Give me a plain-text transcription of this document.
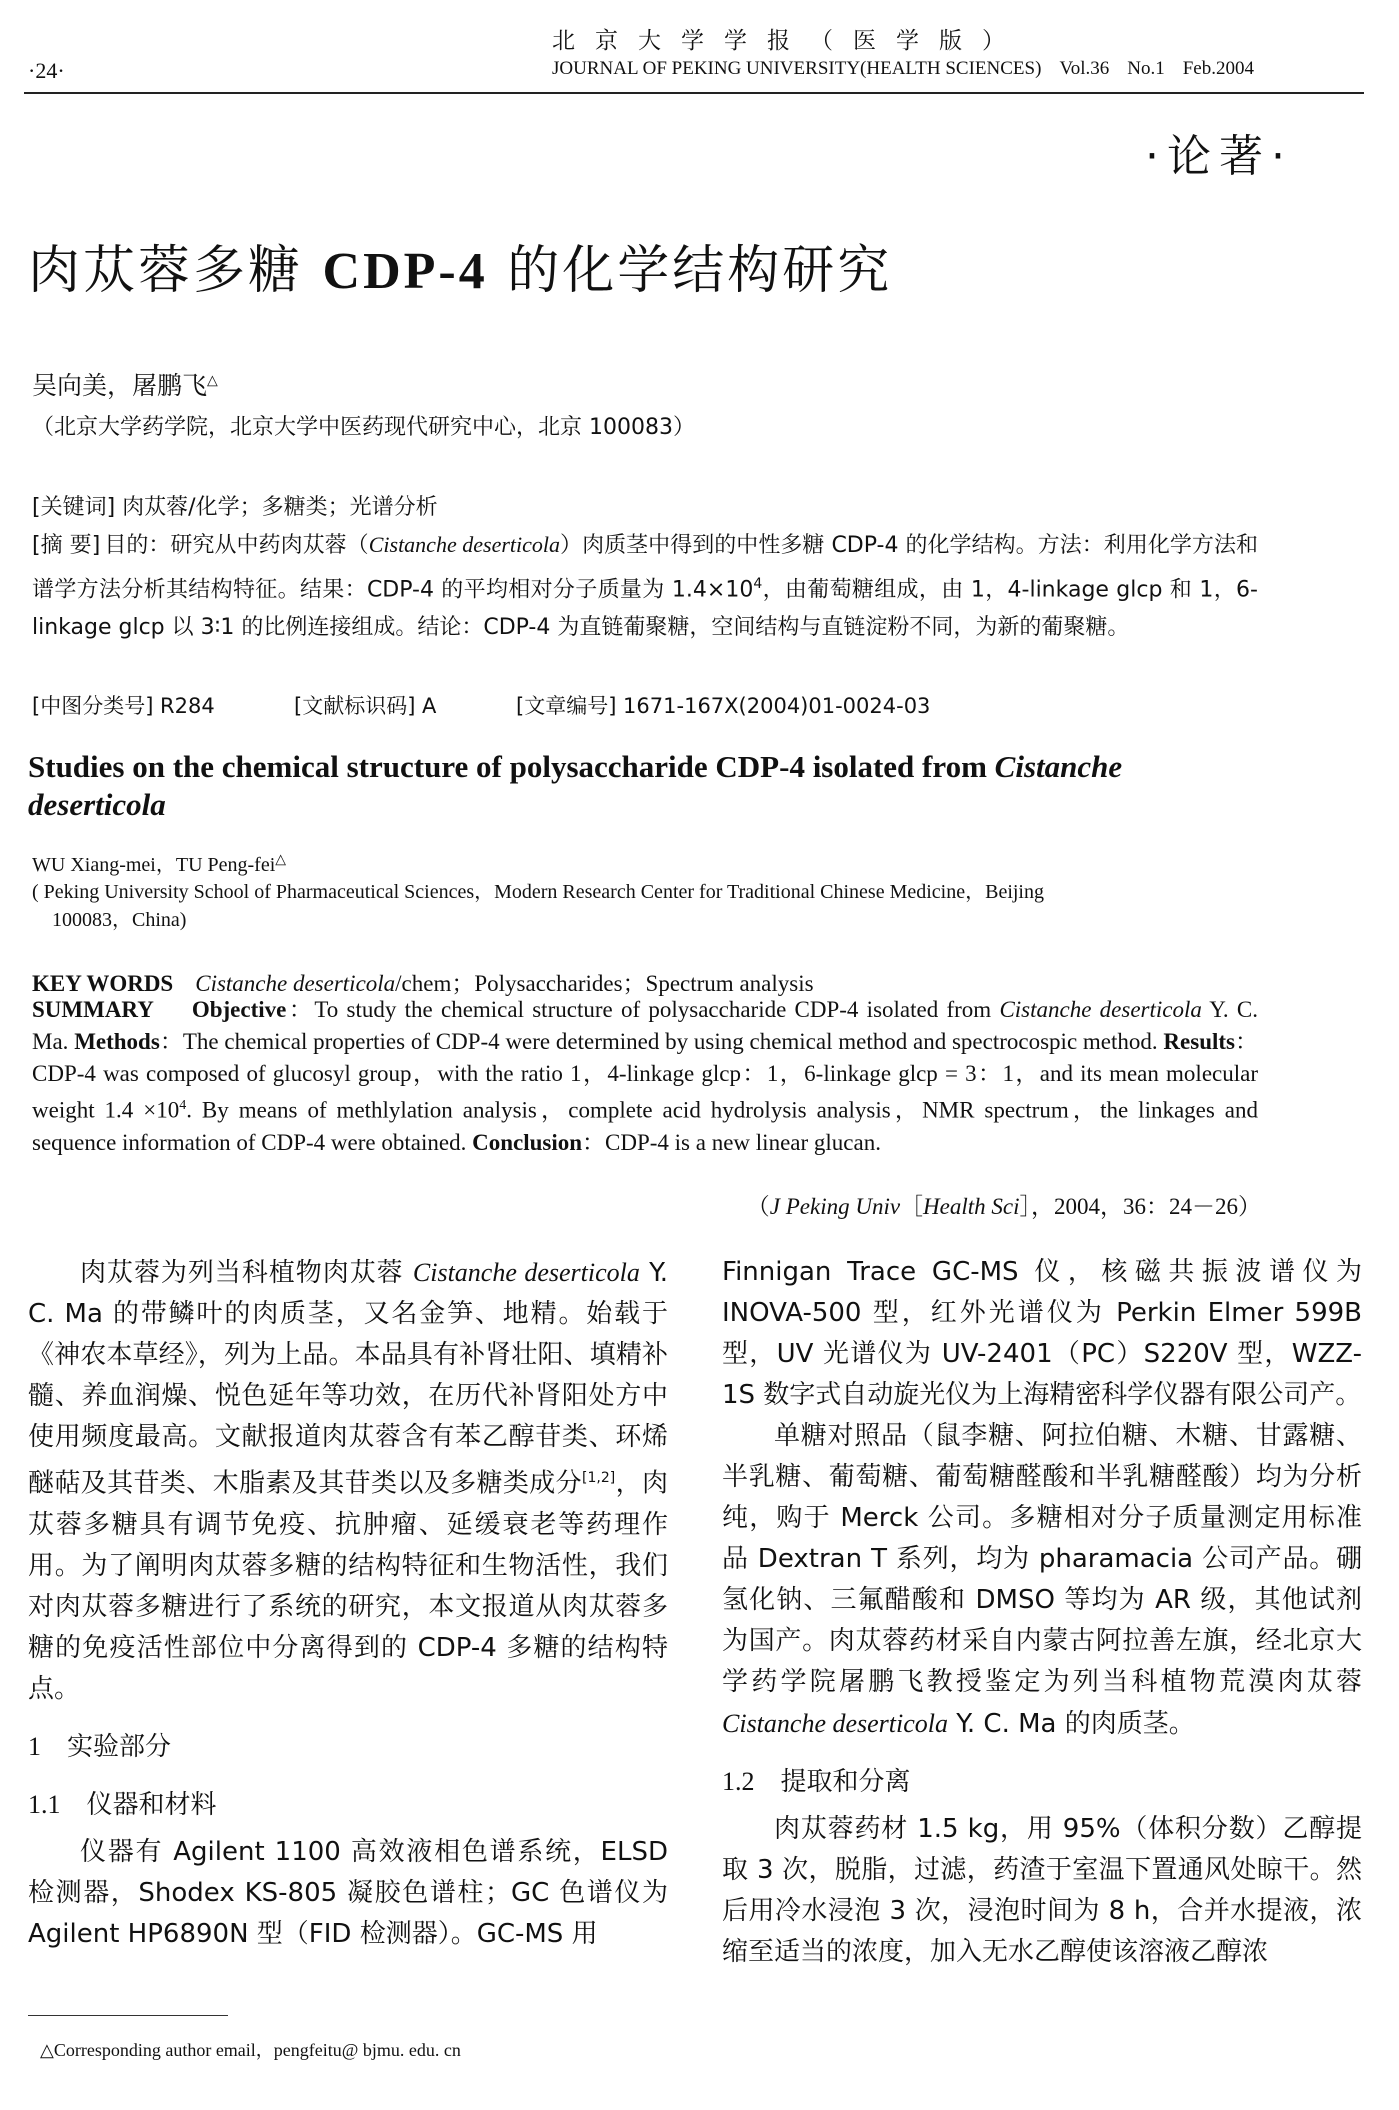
·24·
北京大学学报（医学版）
JOURNAL OF PEKING UNIVERSITY(HEALTH SCIENCES) Vol.36 No.1 Feb.2004
·论著·
肉苁蓉多糖 CDP-4 的化学结构研究
吴向美，屠鹏飞△
（北京大学药学院，北京大学中医药现代研究中心，北京 100083）
[关键词] 肉苁蓉/化学；多糖类；光谱分析
[摘 要] 目的：研究从中药肉苁蓉（Cistanche deserticola）肉质茎中得到的中性多糖 CDP-4 的化学结构。方法：利用化学方法和谱学方法分析其结构特征。结果：CDP-4 的平均相对分子质量为 $1.4\times 10^4$，由葡萄糖组成，由 1，4-linkage glcp 和 1，6-linkage glcp 以 3∶1 的比例连接组成。结论：CDP-4 为直链葡聚糖，空间结构与直链淀粉不同，为新的葡聚糖。
[中图分类号] R284	[文献标识码] A	[文章编号] 1671-167X(2004)01-0024-03
Studies on the chemical structure of polysaccharide CDP-4 isolated from Cistanche deserticola
WU Xiang-mei，TU Peng-fei△
( Peking University School of Pharmaceutical Sciences，Modern Research Center for Traditional Chinese Medicine，Beijing
100083，China)
KEY WORDS Cistanche deserticola/chem；Polysaccharides；Spectrum analysis
SUMMARY Objective：To study the chemical structure of polysaccharide CDP-4 isolated from Cistanche deserticola Y. C. Ma. Methods：The chemical properties of CDP-4 were determined by using chemical method and spectrocospic method. Results：CDP-4 was composed of glucosyl group，with the ratio 1，4-linkage glcp：1，6-linkage glcp = 3：1，and its mean molecular weight $1.4 \times 10^4$. By means of methlylation analysis，complete acid hydrolysis analysis，NMR spectrum，the linkages and sequence information of CDP-4 were obtained. Conclusion：CDP-4 is a new linear glucan.
（J Peking Univ［Health Sci］，2004，36：24－26）

肉苁蓉为列当科植物肉苁蓉 Cistanche deserticola Y. C. Ma 的带鳞叶的肉质茎，又名金笋、地精。始载于《神农本草经》，列为上品。本品具有补肾壮阳、填精补髓、养血润燥、悦色延年等功效，在历代补肾阳处方中使用频度最高。文献报道肉苁蓉含有苯乙醇苷类、环烯醚萜及其苷类、木脂素及其苷类以及多糖类成分[1,2]，肉苁蓉多糖具有调节免疫、抗肿瘤、延缓衰老等药理作用。为了阐明肉苁蓉多糖的结构特征和生物活性，我们对肉苁蓉多糖进行了系统的研究，本文报道从肉苁蓉多糖的免疫活性部位中分离得到的 CDP-4 多糖的结构特点。

1 实验部分
1.1 仪器和材料

仪器有 Agilent 1100 高效液相色谱系统，ELSD 检测器，Shodex KS-805 凝胶色谱柱；GC 色谱仪为 Agilent HP6890N 型（FID 检测器）。GC-MS 用

Finnigan Trace GC-MS 仪，核磁共振波谱仪为 INOVA-500 型，红外光谱仪为 Perkin Elmer 599B 型，UV 光谱仪为 UV-2401（PC）S220V 型，WZZ-1S 数字式自动旋光仪为上海精密科学仪器有限公司产。

单糖对照品（鼠李糖、阿拉伯糖、木糖、甘露糖、半乳糖、葡萄糖、葡萄糖醛酸和半乳糖醛酸）均为分析纯，购于 Merck 公司。多糖相对分子质量测定用标准品 Dextran T 系列，均为 pharamacia 公司产品。硼氢化钠、三氟醋酸和 DMSO 等均为 AR 级，其他试剂为国产。肉苁蓉药材采自内蒙古阿拉善左旗，经北京大学药学院屠鹏飞教授鉴定为列当科植物荒漠肉苁蓉 Cistanche deserticola Y. C. Ma 的肉质茎。

1.2 提取和分离

肉苁蓉药材 1.5 kg，用 95%（体积分数）乙醇提取 3 次，脱脂，过滤，药渣于室温下置通风处晾干。然后用冷水浸泡 3 次，浸泡时间为 8 h，合并水提液，浓缩至适当的浓度，加入无水乙醇使该溶液乙醇浓

△Corresponding author email，pengfeitu@ bjmu. edu. cn
